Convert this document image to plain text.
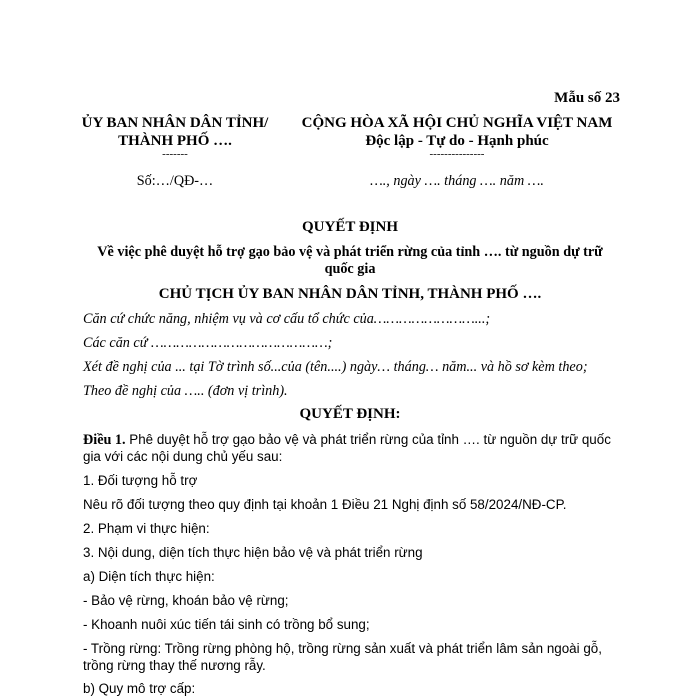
Mẫu số 23
ỦY BAN NHÂN DÂN TỈNH/
THÀNH PHỐ ….
-------
Số:…/QĐ-…
CỘNG HÒA XÃ HỘI CHỦ NGHĨA VIỆT NAM
Độc lập - Tự do - Hạnh phúc
---------------
…., ngày …. tháng …. năm ….
QUYẾT ĐỊNH
Về việc phê duyệt hỗ trợ gạo bảo vệ và phát triển rừng của tỉnh …. từ nguồn dự trữ
quốc gia
CHỦ TỊCH ỦY BAN NHÂN DÂN TỈNH, THÀNH PHỐ ….
Căn cứ chức năng, nhiệm vụ và cơ cấu tổ chức của……………………...;
Các căn cứ ……………………………………;
Xét đề nghị của ... tại Tờ trình số...của (tên....) ngày… tháng… năm... và hồ sơ kèm theo;
Theo đề nghị của ….. (đơn vị trình).
QUYẾT ĐỊNH:
Điều 1. Phê duyệt hỗ trợ gạo bảo vệ và phát triển rừng của tỉnh …. từ nguồn dự trữ quốc
gia với các nội dung chủ yếu sau:
1. Đối tượng hỗ trợ
Nêu rõ đối tượng theo quy định tại khoản 1 Điều 21 Nghị định số 58/2024/NĐ-CP.
2. Phạm vi thực hiện:
3. Nội dung, diện tích thực hiện bảo vệ và phát triển rừng
a) Diện tích thực hiện:
- Bảo vệ rừng, khoán bảo vệ rừng;
- Khoanh nuôi xúc tiến tái sinh có trồng bổ sung;
- Trồng rừng: Trồng rừng phòng hộ, trồng rừng sản xuất và phát triển lâm sản ngoài gỗ,
trồng rừng thay thế nương rẫy.
b) Quy mô trợ cấp:
